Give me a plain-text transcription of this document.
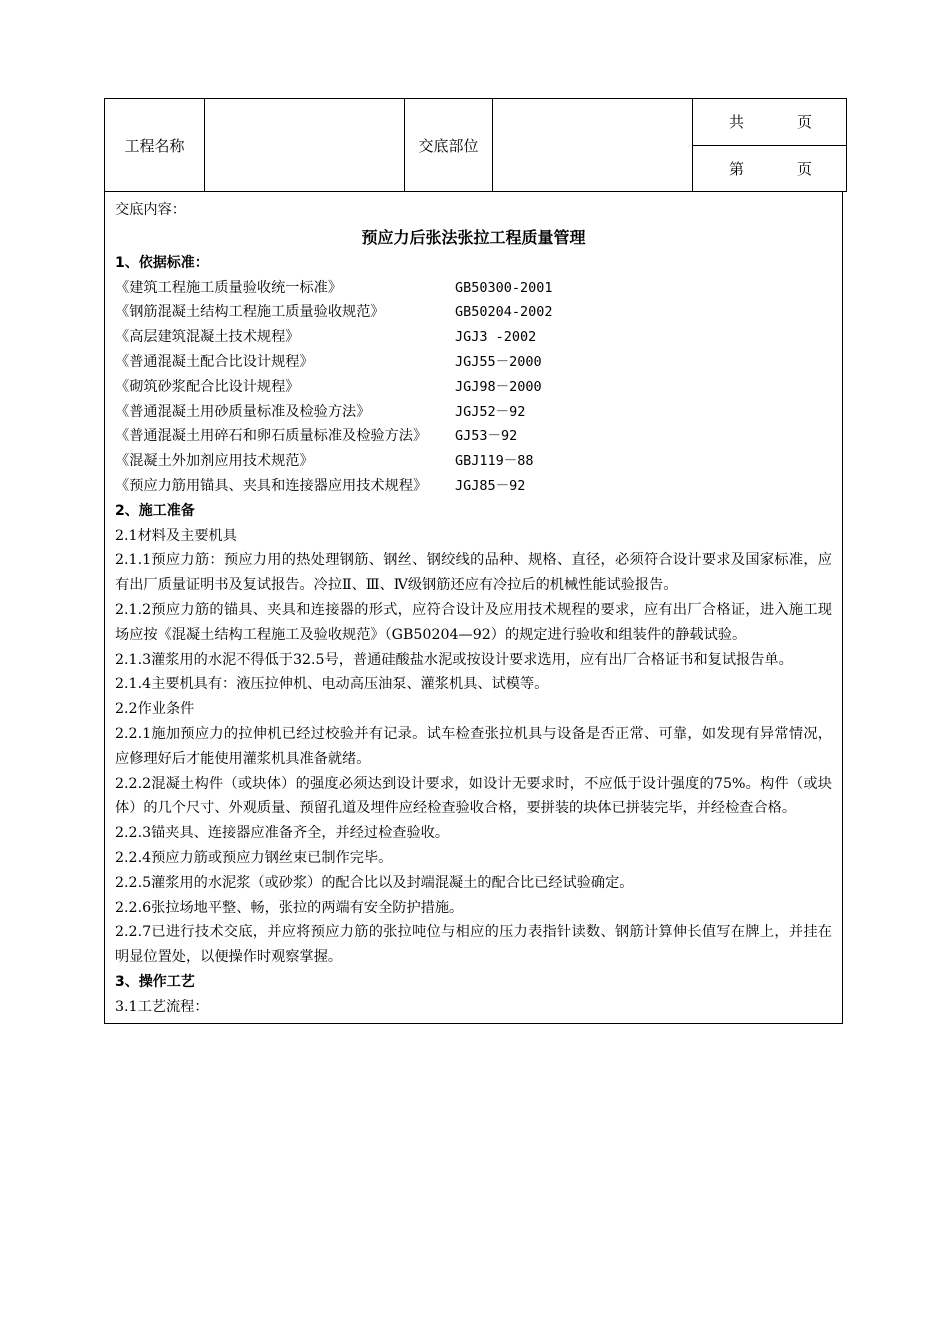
工程名称		交底部位		
共	页

第	页
交底内容：
预应力后张法张拉工程质量管理
1、依据标准：
《建筑工程施工质量验收统一标准》	GB50300-2001
《钢筋混凝土结构工程施工质量验收规范》	GB50204-2002
《高层建筑混凝土技术规程》	JGJ3 -2002
《普通混凝土配合比设计规程》	JGJ55－2000
《砌筑砂浆配合比设计规程》	JGJ98－2000
《普通混凝土用砂质量标准及检验方法》	JGJ52－92
《普通混凝土用碎石和卵石质量标准及检验方法》	GJ53－92
《混凝土外加剂应用技术规范》	GBJ119－88
《预应力筋用锚具、夹具和连接器应用技术规程》	JGJ85－92
2、施工准备
2.1材料及主要机具
2.1.1预应力筋：预应力用的热处理钢筋、钢丝、钢绞线的品种、规格、直径，必须符合设计要求及国家标准，应有出厂质量证明书及复试报告。冷拉Ⅱ、Ⅲ、Ⅳ级钢筋还应有冷拉后的机械性能试验报告。
2.1.2预应力筋的锚具、夹具和连接器的形式，应符合设计及应用技术规程的要求，应有出厂合格证，进入施工现场应按《混凝土结构工程施工及验收规范》（GB50204—92）的规定进行验收和组装件的静载试验。
2.1.3灌浆用的水泥不得低于32.5号，普通硅酸盐水泥或按设计要求选用，应有出厂合格证书和复试报告单。
2.1.4主要机具有：液压拉伸机、电动高压油泵、灌浆机具、试模等。
2.2作业条件
2.2.1施加预应力的拉伸机已经过校验并有记录。试车检查张拉机具与设备是否正常、可靠，如发现有异常情况，应修理好后才能使用灌浆机具准备就绪。
2.2.2混凝土构件（或块体）的强度必须达到设计要求，如设计无要求时，不应低于设计强度的75%。构件（或块体）的几个尺寸、外观质量、预留孔道及埋件应经检查验收合格，要拼装的块体已拼装完毕，并经检查合格。
2.2.3锚夹具、连接器应准备齐全，并经过检查验收。
2.2.4预应力筋或预应力钢丝束已制作完毕。
2.2.5灌浆用的水泥浆（或砂浆）的配合比以及封端混凝土的配合比已经试验确定。
2.2.6张拉场地平整、畅，张拉的两端有安全防护措施。
2.2.7已进行技术交底，并应将预应力筋的张拉吨位与相应的压力表指针读数、钢筋计算伸长值写在牌上，并挂在明显位置处，以便操作时观察掌握。
3、操作工艺
3.1工艺流程：
